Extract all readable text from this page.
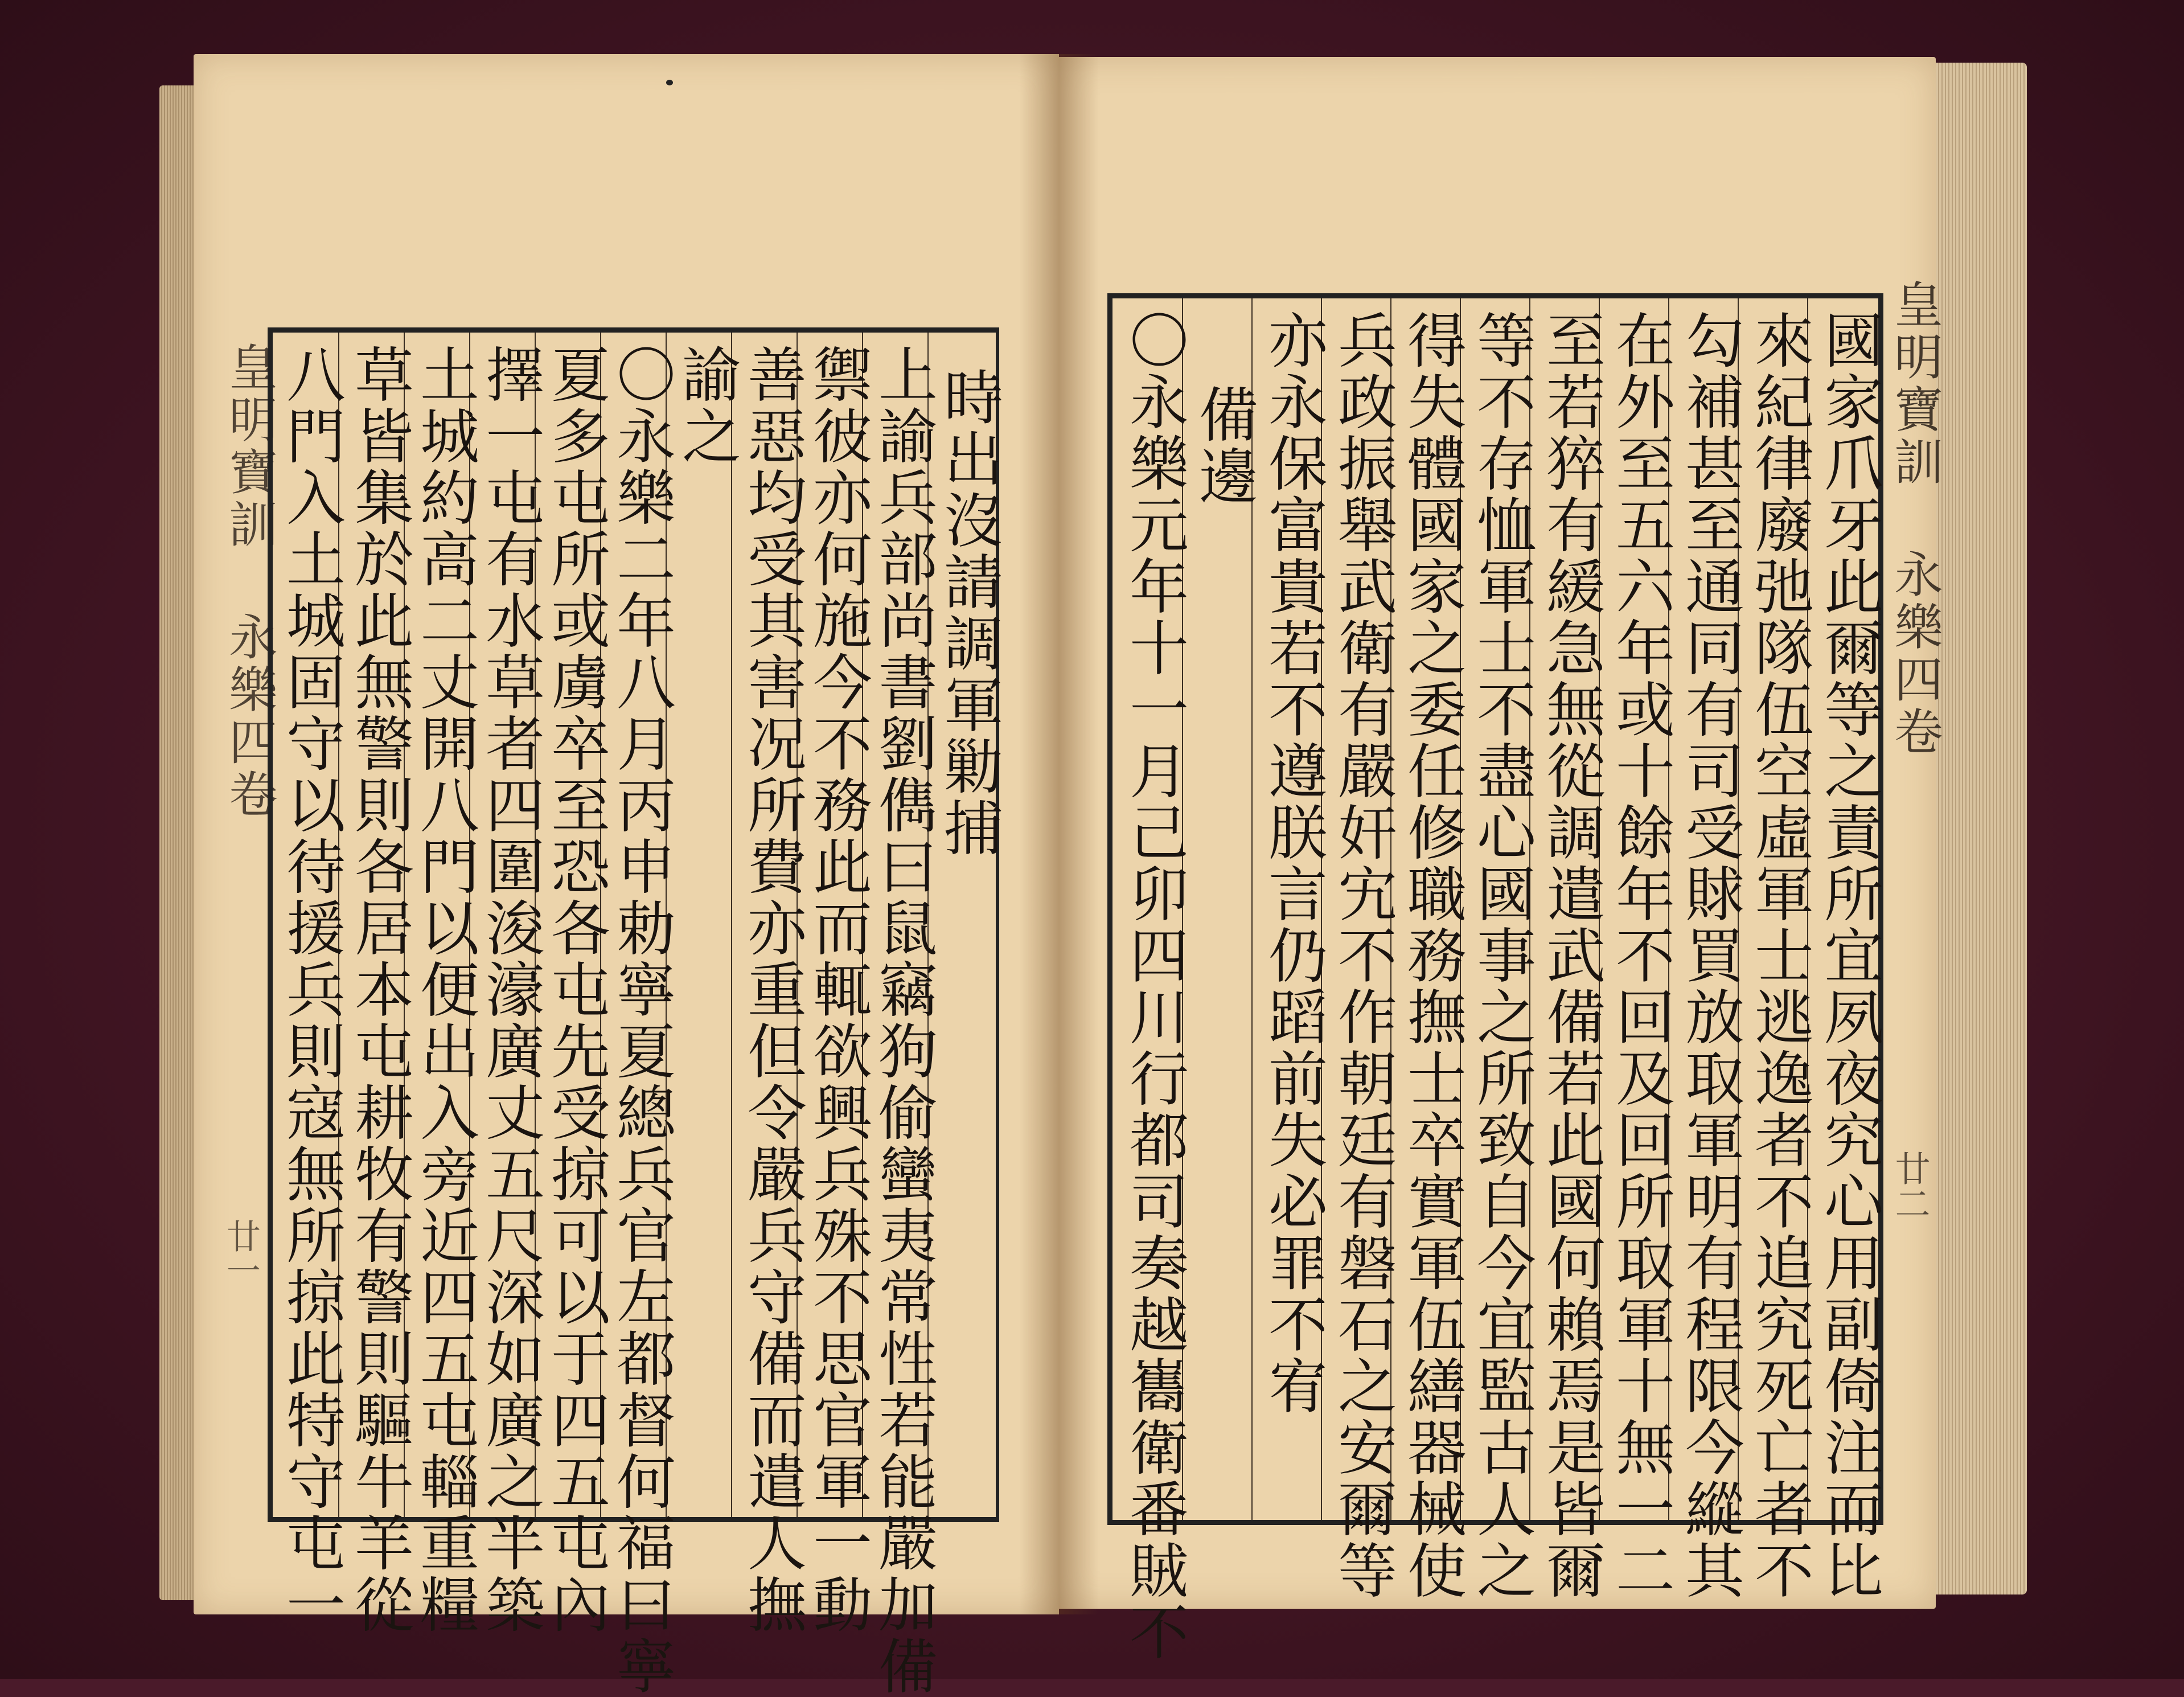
皇明寶訓 永樂四卷
廿一
皇明寶訓 永樂四卷
廿二
時出沒請調軍勦捕
上諭兵部尚書劉儁曰鼠竊狗偷蠻夷常性若能嚴加備
禦彼亦何施今不務此而輒欲興兵殊不思官軍一動
善惡均受其害况所費亦重但令嚴兵守備而遣人撫
諭之
〇永樂二年八月丙申勅寧夏總兵官左都督何福曰寧
夏多屯所或虜卒至恐各屯先受掠可以于四五屯內
擇一屯有水草者四圍浚濠廣丈五尺深如廣之半築
土城約高二丈開八門以便出入旁近四五屯輜重糧
草皆集於此無警則各居本屯耕牧有警則驅牛羊從
八門入土城固守以待援兵則寇無所掠此特守屯一	國家爪牙此爾等之責所宜夙夜究心用副倚注而比
來紀律廢弛隊伍空虛軍士逃逸者不追究死亡者不
勾補甚至通同有司受賕買放取軍明有程限今縱其
在外至五六年或十餘年不回及回所取軍十無一二
至若猝有緩急無從調遣武備若此國何賴焉是皆爾
等不存恤軍士不盡心國事之所致自今宜監古人之
得失體國家之委任修職務撫士卒實軍伍繕器械使
兵政振舉武衛有嚴奸宄不作朝廷有磐石之安爾等
亦永保富貴若不遵朕言仍蹈前失必罪不宥
備邊
〇永樂元年十一月己卯四川行都司奏越巂衛番賊不
